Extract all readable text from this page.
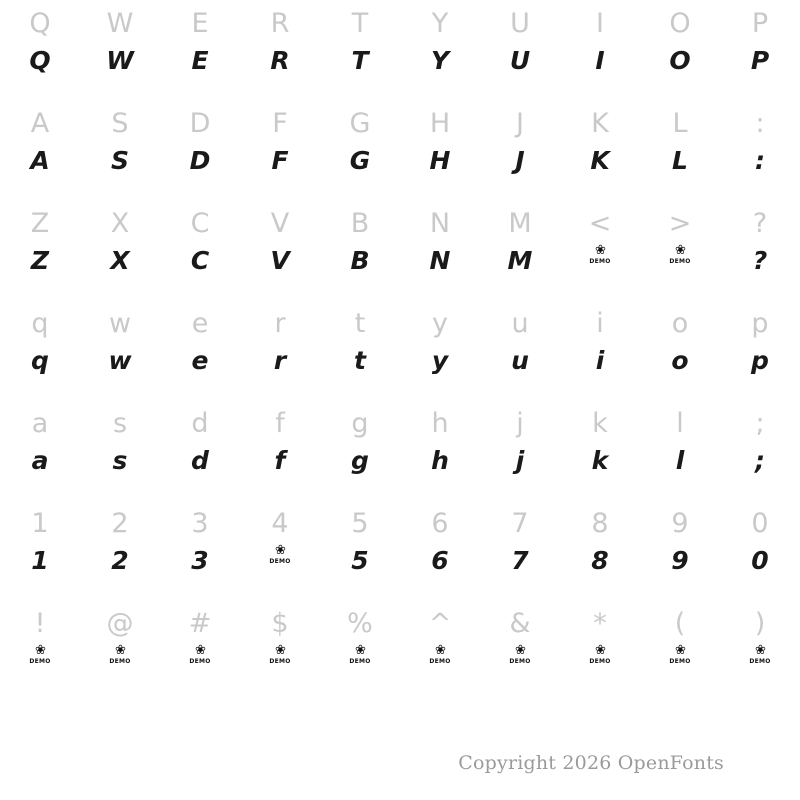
Q
Q
W
W
E
E
R
R
T
T
Y
Y
U
U
I
I
O
O
P
P
A
A
S
S
D
D
F
F
G
G
H
H
J
J
K
K
L
L
:
:
Z
Z
X
X
C
C
V
V
B
B
N
N
M
M
<
❀
DEMO
>
❀
DEMO
?
?
q
q
w
w
e
e
r
r
t
t
y
y
u
u
i
i
o
o
p
p
a
a
s
s
d
d
f
f
g
g
h
h
j
j
k
k
l
l
;
;
1
1
2
2
3
3
4
❀
DEMO
5
5
6
6
7
7
8
8
9
9
0
0
!
❀
DEMO
@
❀
DEMO
#
❀
DEMO
$
❀
DEMO
%
❀
DEMO
^
❀
DEMO
&
❀
DEMO
*
❀
DEMO
(
❀
DEMO
)
❀
DEMO
Copyright 2026 OpenFonts
